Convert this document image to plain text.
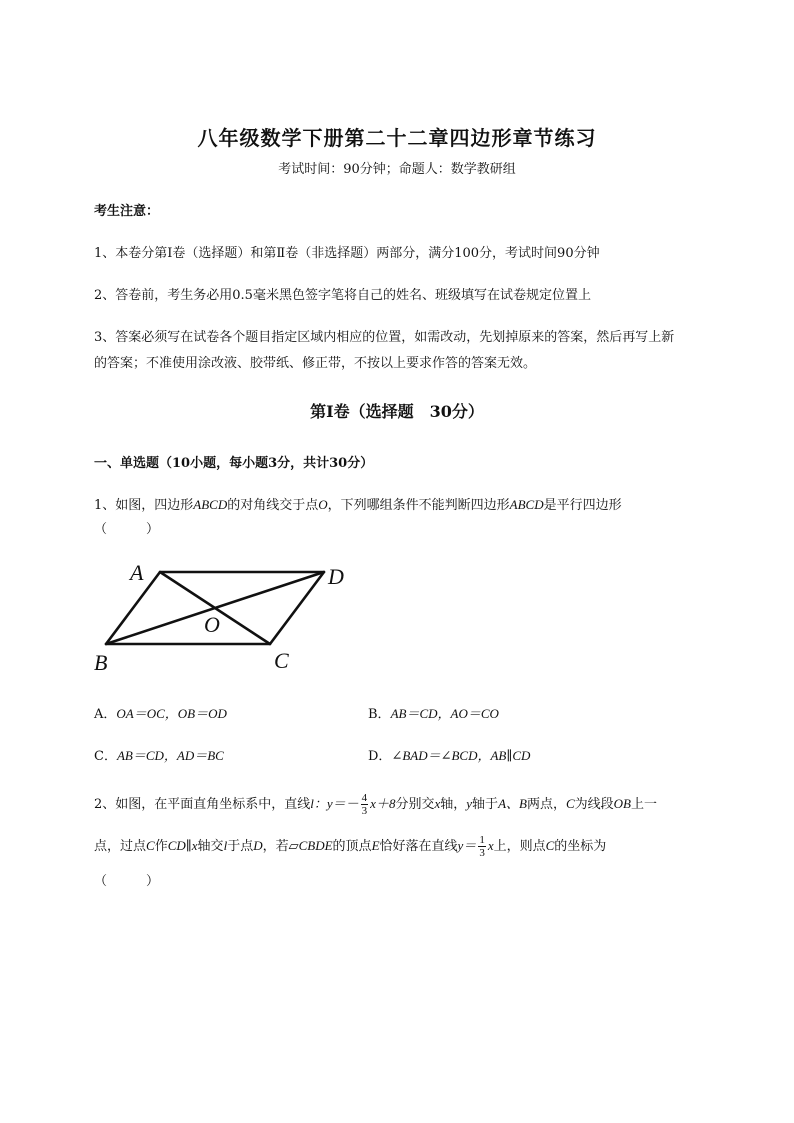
八年级数学下册第二十二章四边形章节练习
考试时间：90分钟；命题人：数学教研组
考生注意：
1、本卷分第I卷（选择题）和第Ⅱ卷（非选择题）两部分，满分100分，考试时间90分钟
2、答卷前，考生务必用0.5毫米黑色签字笔将自己的姓名、班级填写在试卷规定位置上
3、答案必须写在试卷各个题目指定区域内相应的位置，如需改动，先划掉原来的答案，然后再写上新
的答案；不准使用涂改液、胶带纸、修正带，不按以上要求作答的答案无效。
第I卷（选择题　30分）
一、单选题（10小题，每小题3分，共计30分）
1、如图，四边形ABCD的对角线交于点O，下列哪组条件不能判断四边形ABCD是平行四边形
（　　　）
A	D
O
B	C
A．OA＝OC，OB＝OD	B．AB＝CD，AO＝CO
C．AB＝CD，AD＝BC	D．∠BAD＝∠BCD，AB∥CD
2、如图，在平面直角坐标系中，直线l：$y=- \frac{4}{3} x+8$分别交x轴，y轴于A、B两点，C为线段OB上一
点，过点C作CD∥x轴交l于点D，若▱CBDE的顶点E恰好落在直线$y= \frac{1}{3}$ x上，则点C的坐标为
（　　　）
